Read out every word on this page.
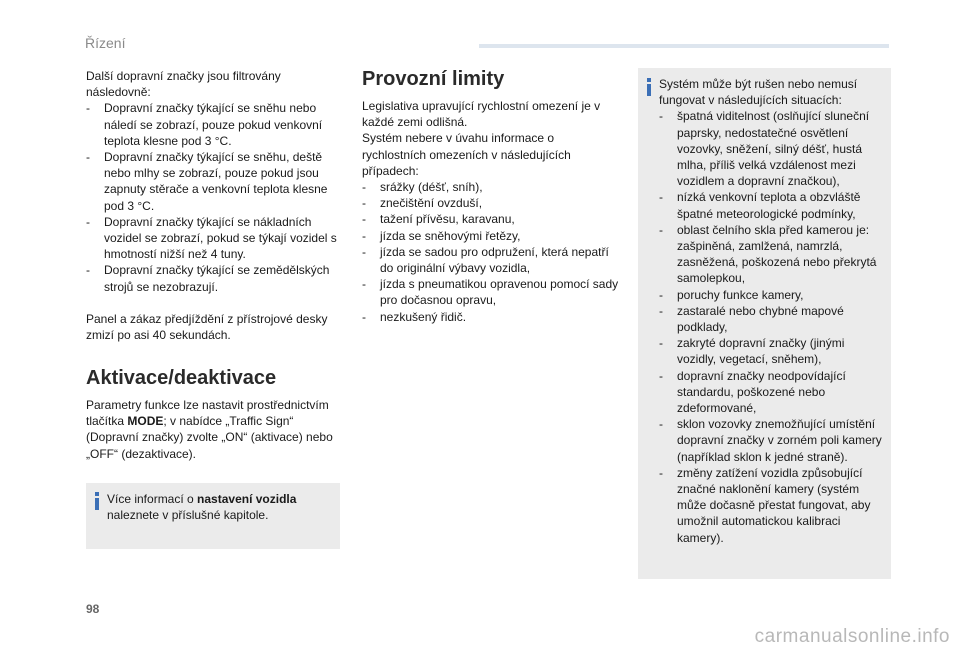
Řízení

Další dopravní značky jsou filtrovány následovně:

- Dopravní značky týkající se sněhu nebo náledí se zobrazí, pouze pokud venkovní teplota klesne pod 3 °C.
- Dopravní značky týkající se sněhu, deště nebo mlhy se zobrazí, pouze pokud jsou zapnuty stěrače a venkovní teplota klesne pod 3 °C.
- Dopravní značky týkající se nákladních vozidel se zobrazí, pokud se týkají vozidel s hmotností nižší než 4 tuny.
- Dopravní značky týkající se zemědělských strojů se nezobrazují.

Panel a zákaz předjíždění z přístrojové desky zmizí po asi 40 sekundách.

Aktivace/deaktivace

Parametry funkce lze nastavit prostřednictvím tlačítka MODE; v nabídce „Traffic Sign“ (Dopravní značky) zvolte „ON“ (aktivace) nebo „OFF“ (dezaktivace).

Více informací o nastavení vozidla naleznete v příslušné kapitole.

Provozní limity

Legislativa upravující rychlostní omezení je v každé zemi odlišná.

Systém nebere v úvahu informace o rychlostních omezeních v následujících případech:

- srážky (déšť, sníh),
- znečištění ovzduší,
- tažení přívěsu, karavanu,
- jízda se sněhovými řetězy,
- jízda se sadou pro odpružení, která nepatří do originální výbavy vozidla,
- jízda s pneumatikou opravenou pomocí sady pro dočasnou opravu,
- nezkušený řidič.

Systém může být rušen nebo nemusí fungovat v následujících situacích:

- špatná viditelnost (oslňující sluneční paprsky, nedostatečné osvětlení vozovky, sněžení, silný déšť, hustá mlha, příliš velká vzdálenost mezi vozidlem a dopravní značkou),
- nízká venkovní teplota a obzvláště špatné meteorologické podmínky,
- oblast čelního skla před kamerou je: zašpiněná, zamlžená, namrzlá, zasněžená, poškozená nebo překrytá samolepkou,
- poruchy funkce kamery,
- zastaralé nebo chybné mapové podklady,
- zakryté dopravní značky (jinými vozidly, vegetací, sněhem),
- dopravní značky neodpovídající standardu, poškozené nebo zdeformované,
- sklon vozovky znemožňující umístění dopravní značky v zorném poli kamery (například sklon k jedné straně).
- změny zatížení vozidla způsobující značné naklonění kamery (systém může dočasně přestat fungovat, aby umožnil automatickou kalibraci kamery).
98
carmanualsonline.info
